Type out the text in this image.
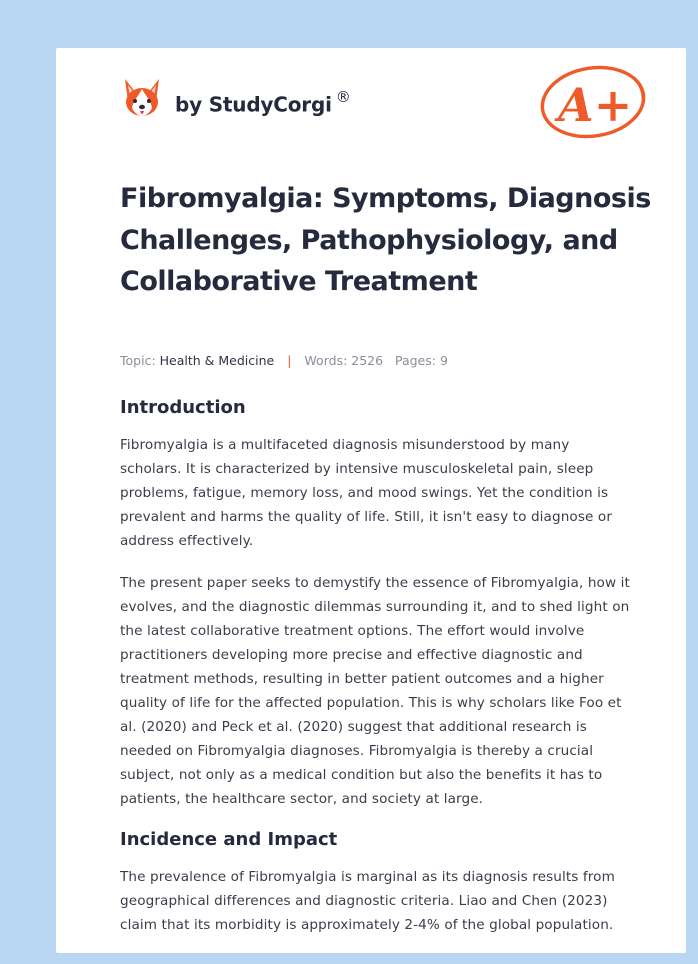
by StudyCorgi ®	A+
Fibromyalgia: Symptoms, Diagnosis Challenges, Pathophysiology, and Collaborative Treatment
Topic: Health & Medicine | Words: 2526 Pages: 9
Introduction

Fibromyalgia is a multifaceted diagnosis misunderstood by many scholars. It is characterized by intensive musculoskeletal pain, sleep problems, fatigue, memory loss, and mood swings. Yet the condition is prevalent and harms the quality of life. Still, it isn't easy to diagnose or address effectively.

The present paper seeks to demystify the essence of Fibromyalgia, how it evolves, and the diagnostic dilemmas surrounding it, and to shed light on the latest collaborative treatment options. The effort would involve practitioners developing more precise and effective diagnostic and treatment methods, resulting in better patient outcomes and a higher quality of life for the affected population. This is why scholars like Foo et al. (2020) and Peck et al. (2020) suggest that additional research is needed on Fibromyalgia diagnoses. Fibromyalgia is thereby a crucial subject, not only as a medical condition but also the benefits it has to patients, the healthcare sector, and society at large.

Incidence and Impact

The prevalence of Fibromyalgia is marginal as its diagnosis results from geographical differences and diagnostic criteria. Liao and Chen (2023) claim that its morbidity is approximately 2-4% of the global population.
